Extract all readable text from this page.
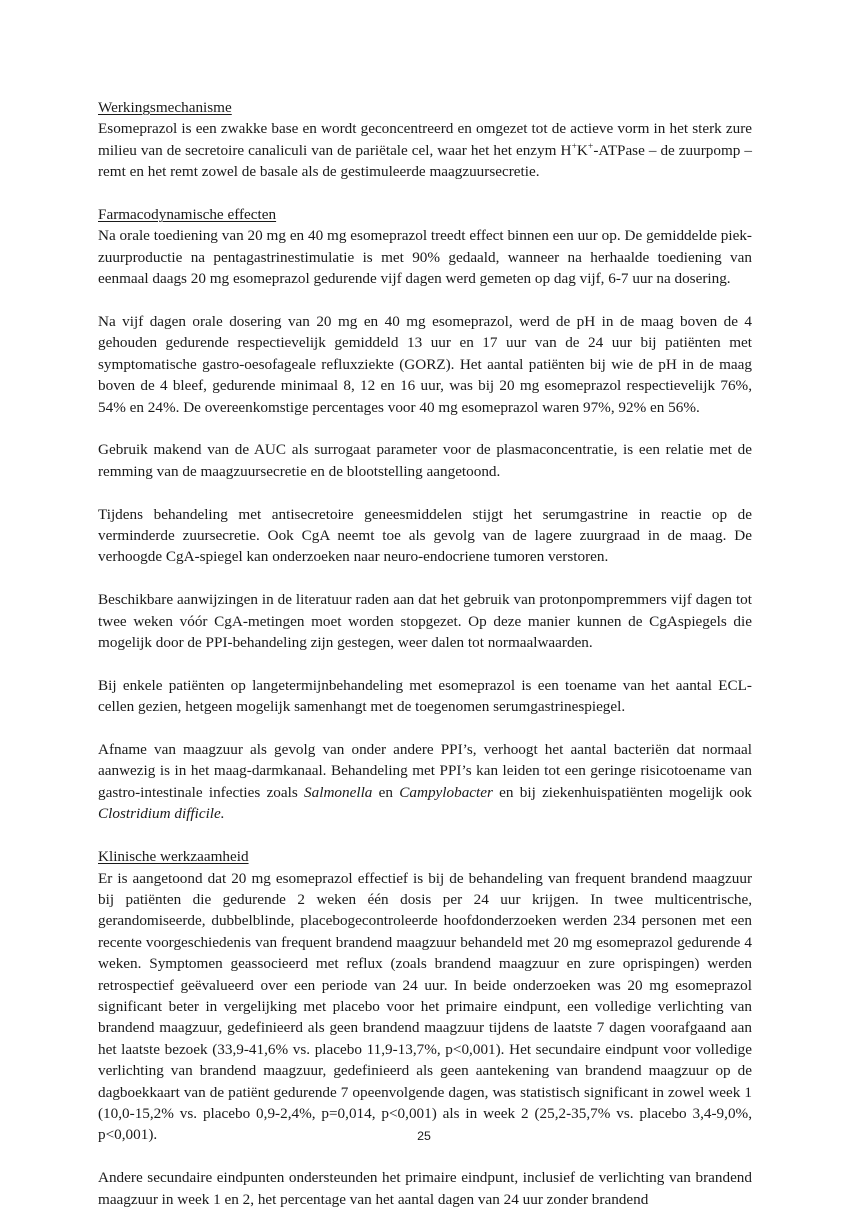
Werkingsmechanisme

Esomeprazol is een zwakke base en wordt geconcentreerd en omgezet tot de actieve vorm in het sterk zure milieu van de secretoire canaliculi van de pariëtale cel, waar het het enzym H+K+-ATPase – de zuurpomp – remt en het remt zowel de basale als de gestimuleerde maagzuursecretie.

Farmacodynamische effecten

Na orale toediening van 20 mg en 40 mg esomeprazol treedt effect binnen een uur op. De gemiddelde piek-zuurproductie na pentagastrinestimulatie is met 90% gedaald, wanneer na herhaalde toediening van eenmaal daags 20 mg esomeprazol gedurende vijf dagen werd gemeten op dag vijf, 6-7 uur na dosering.

Na vijf dagen orale dosering van 20 mg en 40 mg esomeprazol, werd de pH in de maag boven de 4 gehouden gedurende respectievelijk gemiddeld 13 uur en 17 uur van de 24 uur bij patiënten met symptomatische gastro-oesofageale refluxziekte (GORZ). Het aantal patiënten bij wie de pH in de maag boven de 4 bleef, gedurende minimaal 8, 12 en 16 uur, was bij 20 mg esomeprazol respectievelijk 76%, 54% en 24%. De overeenkomstige percentages voor 40 mg esomeprazol waren 97%, 92% en 56%.

Gebruik makend van de AUC als surrogaat parameter voor de plasmaconcentratie, is een relatie met de remming van de maagzuursecretie en de blootstelling aangetoond.

Tijdens behandeling met antisecretoire geneesmiddelen stijgt het serumgastrine in reactie op de verminderde zuursecretie. Ook CgA neemt toe als gevolg van de lagere zuurgraad in de maag. De verhoogde CgA-spiegel kan onderzoeken naar neuro-endocriene tumoren verstoren.

Beschikbare aanwijzingen in de literatuur raden aan dat het gebruik van protonpompremmers vijf dagen tot twee weken vóór CgA-metingen moet worden stopgezet. Op deze manier kunnen de CgAspiegels die mogelijk door de PPI-behandeling zijn gestegen, weer dalen tot normaalwaarden.

Bij enkele patiënten op langetermijnbehandeling met esomeprazol is een toename van het aantal ECL-cellen gezien, hetgeen mogelijk samenhangt met de toegenomen serumgastrinespiegel.

Afname van maagzuur als gevolg van onder andere PPI’s, verhoogt het aantal bacteriën dat normaal aanwezig is in het maag-darmkanaal. Behandeling met PPI’s kan leiden tot een geringe risicotoename van gastro-intestinale infecties zoals Salmonella en Campylobacter en bij ziekenhuispatiënten mogelijk ook Clostridium difficile.

Klinische werkzaamheid

Er is aangetoond dat 20 mg esomeprazol effectief is bij de behandeling van frequent brandend maagzuur bij patiënten die gedurende 2 weken één dosis per 24 uur krijgen. In twee multicentrische, gerandomiseerde, dubbelblinde, placebogecontroleerde hoofdonderzoeken werden 234 personen met een recente voorgeschiedenis van frequent brandend maagzuur behandeld met 20 mg esomeprazol gedurende 4 weken. Symptomen geassocieerd met reflux (zoals brandend maagzuur en zure oprispingen) werden retrospectief geëvalueerd over een periode van 24 uur. In beide onderzoeken was 20 mg esomeprazol significant beter in vergelijking met placebo voor het primaire eindpunt, een volledige verlichting van brandend maagzuur, gedefinieerd als geen brandend maagzuur tijdens de laatste 7 dagen voorafgaand aan het laatste bezoek (33,9-41,6% vs. placebo 11,9-13,7%, p<0,001). Het secundaire eindpunt voor volledige verlichting van brandend maagzuur, gedefinieerd als geen aantekening van brandend maagzuur op de dagboekkaart van de patiënt gedurende 7 opeenvolgende dagen, was statistisch significant in zowel week 1 (10,0-15,2% vs. placebo 0,9-2,4%, p=0,014, p<0,001) als in week 2 (25,2-35,7% vs. placebo 3,4-9,0%, p<0,001).

Andere secundaire eindpunten ondersteunden het primaire eindpunt, inclusief de verlichting van brandend maagzuur in week 1 en 2, het percentage van het aantal dagen van 24 uur zonder brandend

25
